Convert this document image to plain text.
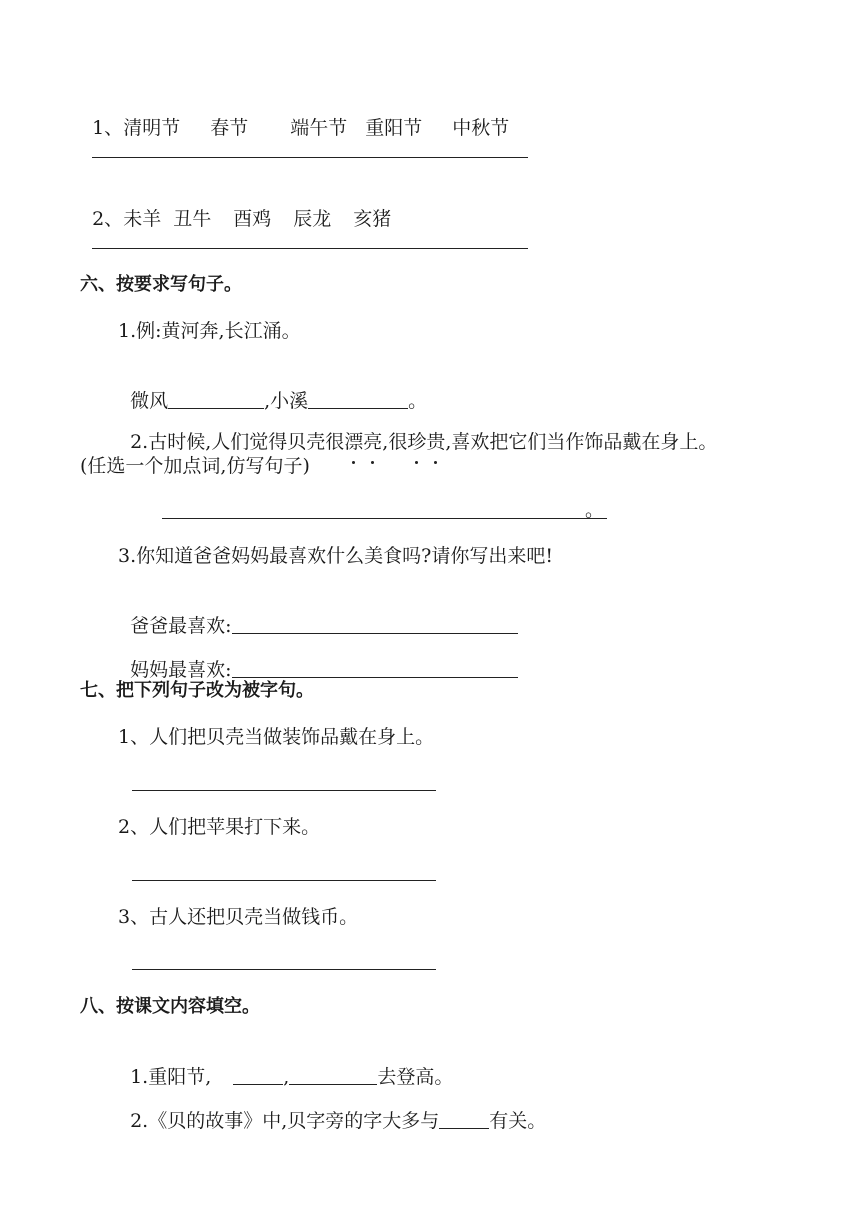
1、清明节 春节 端午节 重阳节 中秋节

2、未羊 丑牛 酉鸡 辰龙 亥猪

六、按要求写句子。
1.例:黄河奔,长江涌。

微风	,小溪	。

2.古时候,人们觉得贝壳很漂亮,很珍贵,喜欢把它们当作饰品戴在身上。

(任选一个加点词,仿写句子)
。
3.你知道爸爸妈妈最喜欢什么美食吗?请你写出来吧!

爸爸最喜欢:

妈妈最喜欢:

七、把下列句子改为被字句。
1、人们把贝壳当做装饰品戴在身上。
2、人们把苹果打下来。
3、古人还把贝壳当做钱币。
八、按课文内容填空。

1.重阳节,	,	去登高。

2.《贝的故事》中,贝字旁的字大多与	有关。
